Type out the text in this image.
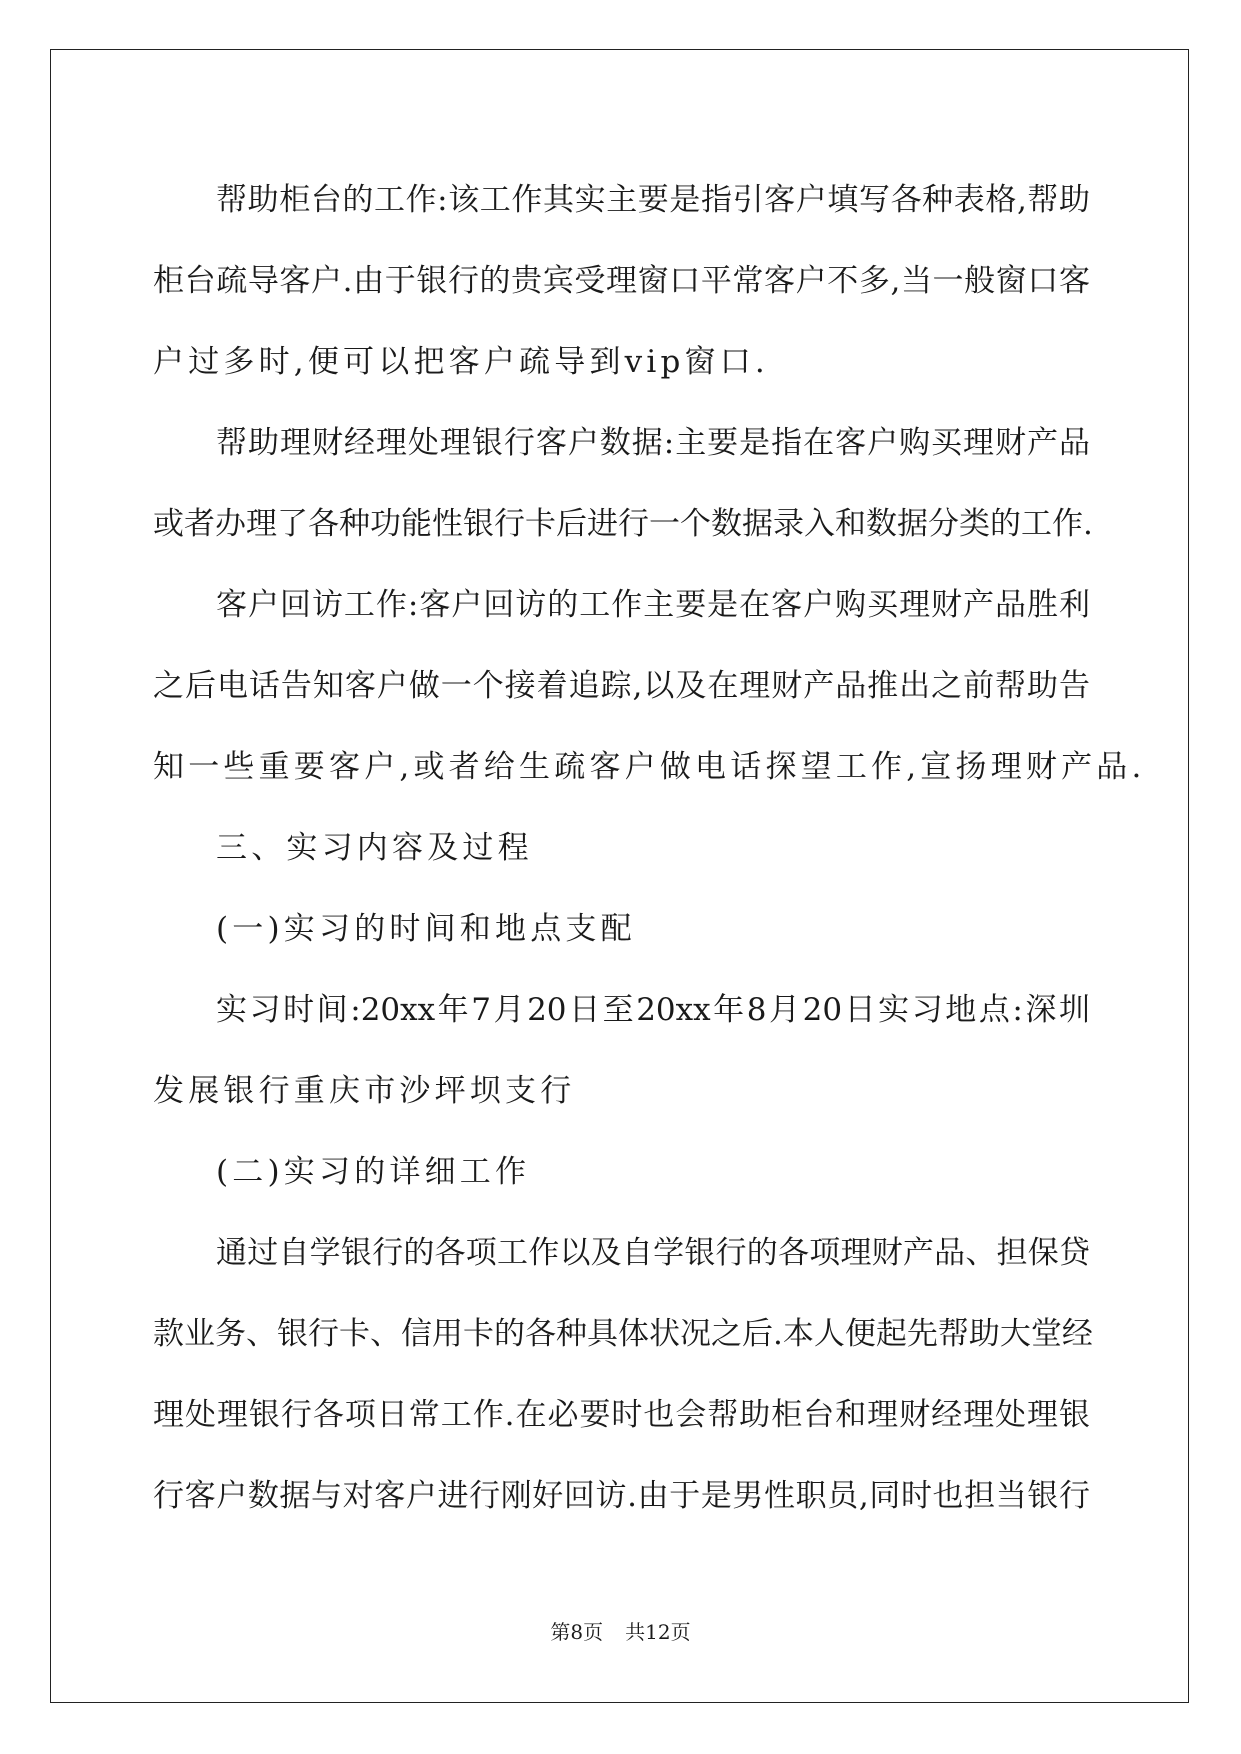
帮助柜台的工作:该工作其实主要是指引客户填写各种表格,帮助
柜台疏导客户.由于银行的贵宾受理窗口平常客户不多,当一般窗口客
户过多时,便可以把客户疏导到vip窗口.
帮助理财经理处理银行客户数据:主要是指在客户购买理财产品
或者办理了各种功能性银行卡后进行一个数据录入和数据分类的工作.
客户回访工作:客户回访的工作主要是在客户购买理财产品胜利
之后电话告知客户做一个接着追踪,以及在理财产品推出之前帮助告
知一些重要客户,或者给生疏客户做电话探望工作,宣扬理财产品.
三、实习内容及过程
(一)实习的时间和地点支配
实习时间:20xx年7月20日至20xx年8月20日实习地点:深圳
发展银行重庆市沙坪坝支行
(二)实习的详细工作
通过自学银行的各项工作以及自学银行的各项理财产品、担保贷
款业务、银行卡、信用卡的各种具体状况之后.本人便起先帮助大堂经
理处理银行各项日常工作.在必要时也会帮助柜台和理财经理处理银
行客户数据与对客户进行刚好回访.由于是男性职员,同时也担当银行
第8页 共12页
